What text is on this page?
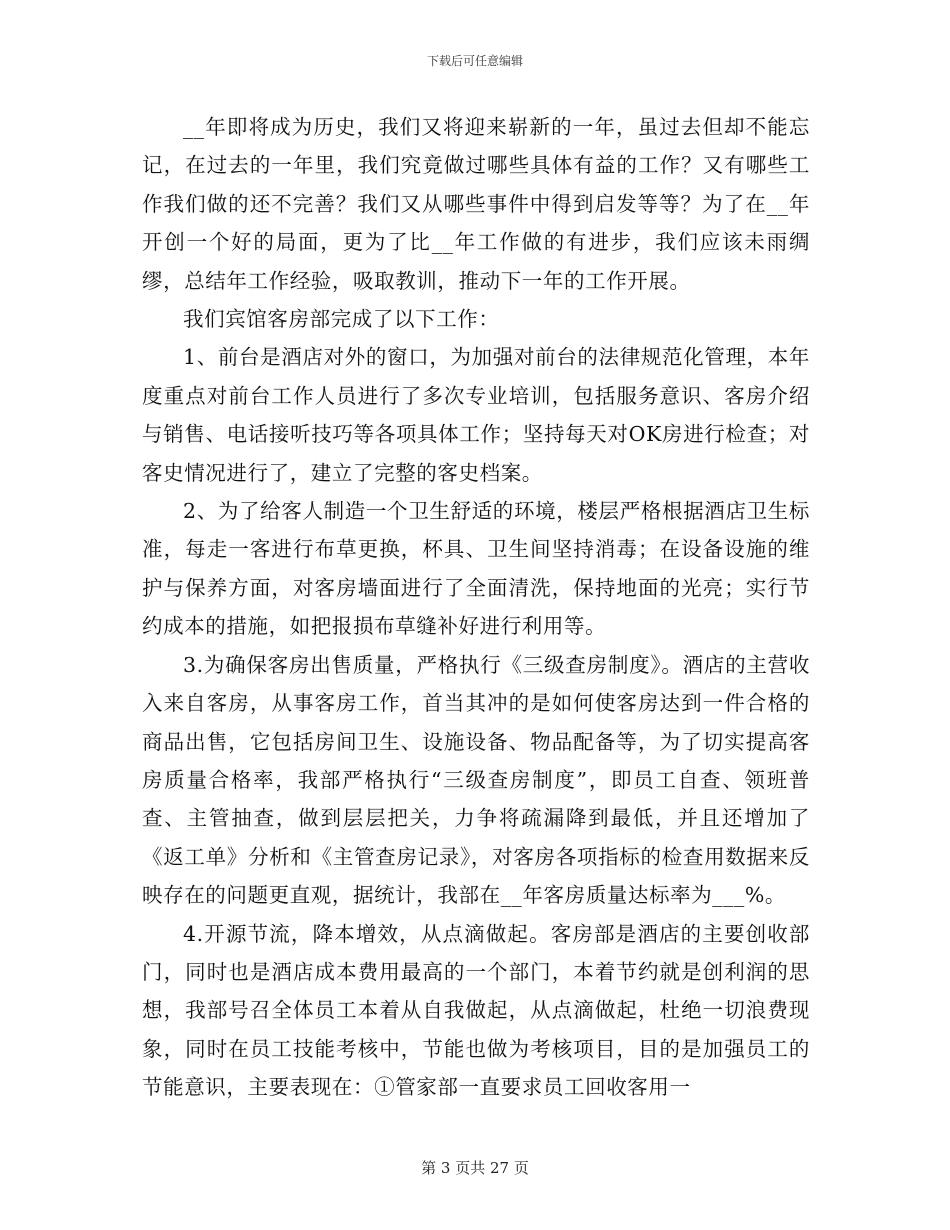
下载后可任意编辑

__年即将成为历史，我们又将迎来崭新的一年，虽过去但却不能忘记，在过去的一年里，我们究竟做过哪些具体有益的工作？又有哪些工作我们做的还不完善？我们又从哪些事件中得到启发等等？为了在__年开创一个好的局面，更为了比__年工作做的有进步，我们应该未雨绸缪，总结年工作经验，吸取教训，推动下一年的工作开展。

我们宾馆客房部完成了以下工作：

1、前台是酒店对外的窗口，为加强对前台的法律规范化管理，本年度重点对前台工作人员进行了多次专业培训，包括服务意识、客房介绍与销售、电话接听技巧等各项具体工作；坚持每天对OK房进行检查；对客史情况进行了，建立了完整的客史档案。

2、为了给客人制造一个卫生舒适的环境，楼层严格根据酒店卫生标准，每走一客进行布草更换，杯具、卫生间坚持消毒；在设备设施的维护与保养方面，对客房墙面进行了全面清洗，保持地面的光亮；实行节约成本的措施，如把报损布草缝补好进行利用等。

3.为确保客房出售质量，严格执行《三级查房制度》。酒店的主营收入来自客房，从事客房工作，首当其冲的是如何使客房达到一件合格的商品出售，它包括房间卫生、设施设备、物品配备等，为了切实提高客房质量合格率，我部严格执行“三级查房制度”，即员工自查、领班普查、主管抽查，做到层层把关，力争将疏漏降到最低，并且还增加了《返工单》分析和《主管查房记录》，对客房各项指标的检查用数据来反映存在的问题更直观，据统计，我部在__年客房质量达标率为___%。

4.开源节流，降本增效，从点滴做起。客房部是酒店的主要创收部门，同时也是酒店成本费用最高的一个部门，本着节约就是创利润的思想，我部号召全体员工本着从自我做起，从点滴做起，杜绝一切浪费现象，同时在员工技能考核中，节能也做为考核项目，目的是加强员工的节能意识，主要表现在：①管家部一直要求员工回收客用一

第 3 页共 27 页
